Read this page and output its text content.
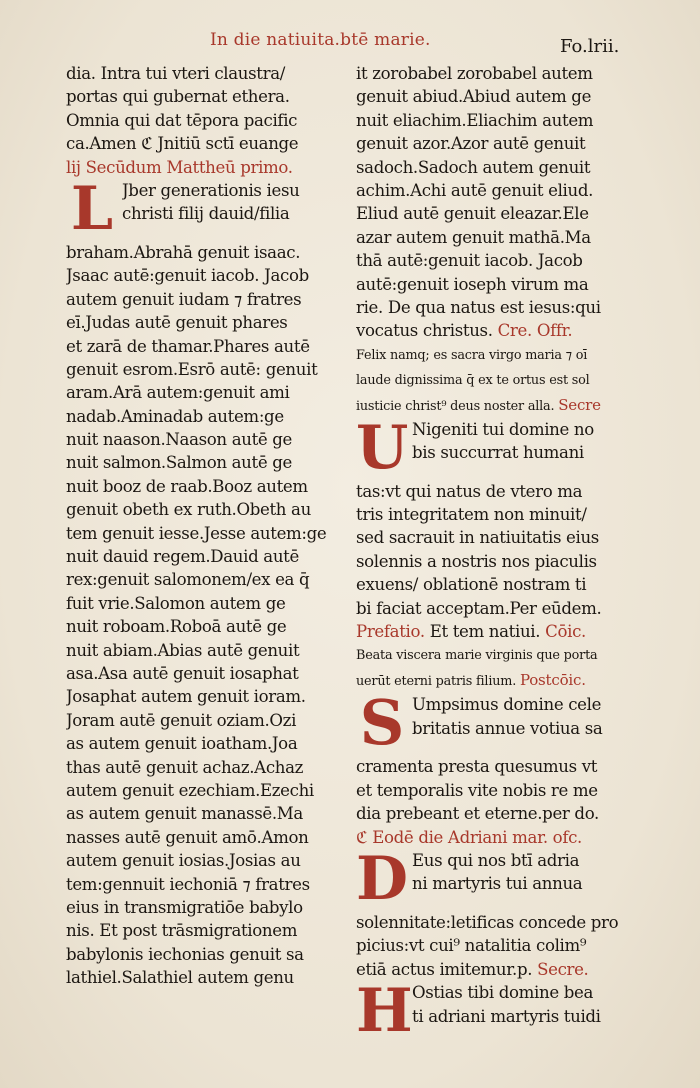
In die natiuita.btē marie.	Fo.lrii.
dia. Intra tui vteri claustra/
portas qui gubernat ethera.
Omnia qui dat tēpora pacific
ca.Amen ℭ Jnitiū sctī euange
lij Secūdum Mattheū primo.
L Jber generationis iesu
christi filij dauid/filia
braham.Abrahā genuit isaac.
Jsaac autē:genuit iacob. Jacob
autem genuit iudam ⁊ fratres
eī.Judas autē genuit phares
et zarā de thamar.Phares autē
genuit esrom.Esrō autē: genuit
aram.Arā autem:genuit ami
nadab.Aminadab autem:ge
nuit naason.Naason autē ge
nuit salmon.Salmon autē ge
nuit booz de raab.Booz autem
genuit obeth ex ruth.Obeth au
tem genuit iesse.Jesse autem:ge
nuit dauid regem.Dauid autē
rex:genuit salomonem/ex ea q̄
fuit vrie.Salomon autem ge
nuit roboam.Roboā autē ge
nuit abiam.Abias autē genuit
asa.Asa autē genuit iosaphat
Josaphat autem genuit ioram.
Joram autē genuit oziam.Ozi
as autem genuit ioatham.Joa
thas autē genuit achaz.Achaz
autem genuit ezechiam.Ezechi
as autem genuit manassē.Ma
nasses autē genuit amō.Amon
autem genuit iosias.Josias au
tem:gennuit iechoniā ⁊ fratres
eius in transmigratiōe babylo
nis. Et post trāsmigrationem
babylonis iechonias genuit sa
lathiel.Salathiel autem genu
it zorobabel zorobabel autem
genuit abiud.Abiud autem ge
nuit eliachim.Eliachim autem
genuit azor.Azor autē genuit
sadoch.Sadoch autem genuit
achim.Achi autē genuit eliud.
Eliud autē genuit eleazar.Ele
azar autem genuit mathā.Ma
thā autē:genuit iacob. Jacob
autē:genuit ioseph virum ma
rie. De qua natus est iesus:qui
vocatus christus. Cre. Offr.
Felix namq; es sacra virgo maria ⁊ oī
laude dignissima q̄ ex te ortus est sol
iusticie christ⁹ deus noster alla. Secre
U Nigeniti tui domine no
bis succurrat humani
tas:vt qui natus de vtero ma
tris integritatem non minuit/
sed sacrauit in natiuitatis eius
solennis a nostris nos piaculis
exuens/ oblationē nostram ti
bi faciat acceptam.Per eūdem.
Prefatio. Et tem natiui. Cōic.
Beata viscera marie virginis que porta
uerūt eterni patris filium. Postcōic.
S Umpsimus domine cele
britatis annue votiua sa
cramenta presta quesumus vt
et temporalis vite nobis re me
dia prebeant et eterne.per do.
ℭ Eodē die Adriani mar. ofc.
D Eus qui nos btī adria
ni martyris tui annua
solennitate:letificas concede pro
picius:vt cui⁹ natalitia colim⁹
etiā actus imitemur.p. Secre.
H Ostias tibi domine bea
ti adriani martyris tuidi
